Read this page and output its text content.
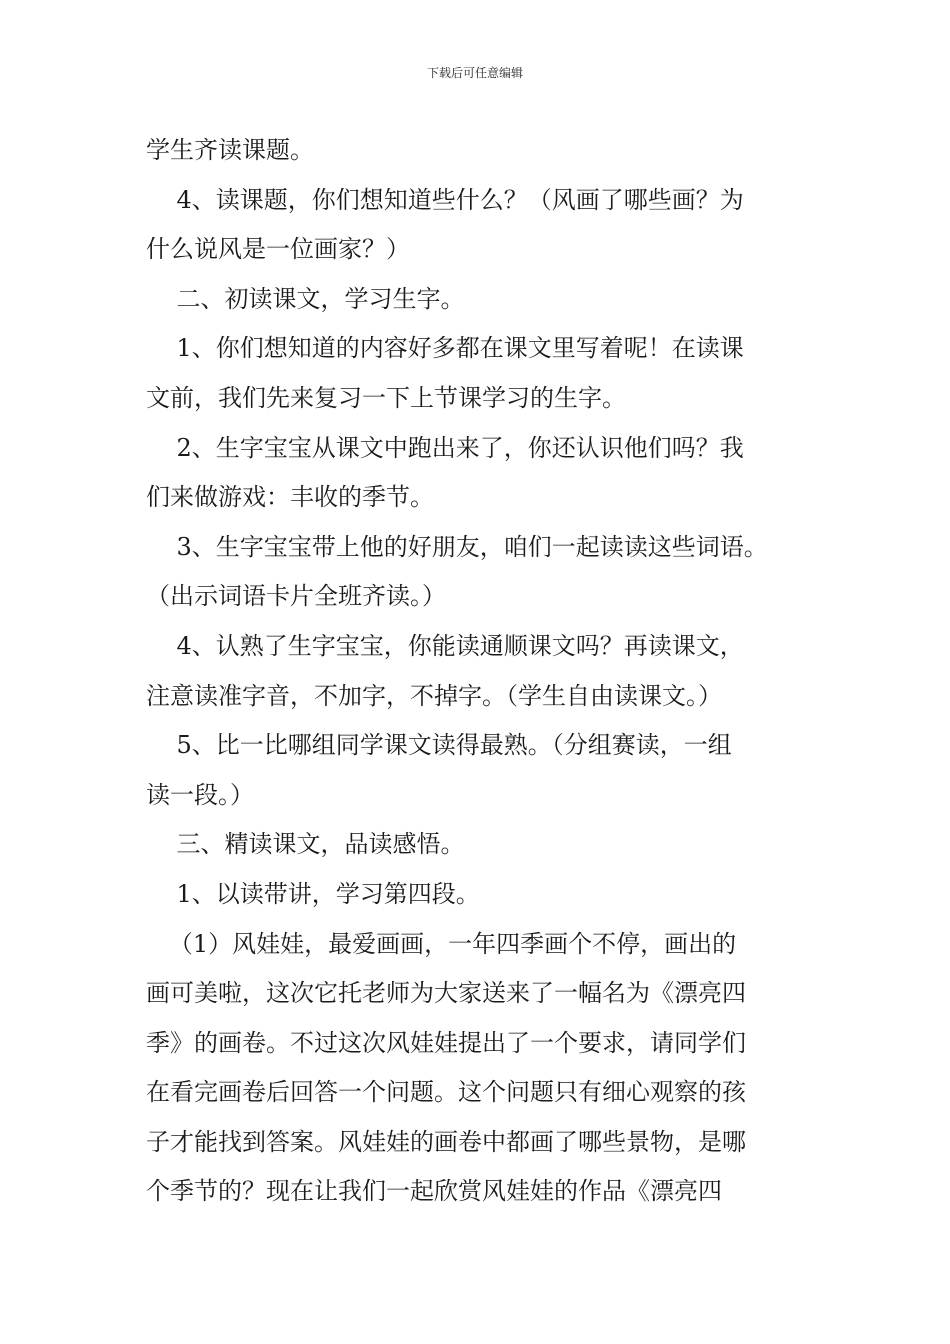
下载后可任意编辑

学生齐读课题。

4、读课题，你们想知道些什么？（风画了哪些画？为

什么说风是一位画家？）

二、初读课文，学习生字。

1、你们想知道的内容好多都在课文里写着呢！在读课

文前，我们先来复习一下上节课学习的生字。

2、生字宝宝从课文中跑出来了，你还认识他们吗？我

们来做游戏：丰收的季节。

3、生字宝宝带上他的好朋友，咱们一起读读这些词语。

（出示词语卡片全班齐读。）

4、认熟了生字宝宝，你能读通顺课文吗？再读课文，

注意读准字音，不加字，不掉字。（学生自由读课文。）

5、比一比哪组同学课文读得最熟。（分组赛读，一组

读一段。）

三、精读课文，品读感悟。

1、以读带讲，学习第四段。

（1）风娃娃，最爱画画，一年四季画个不停，画出的

画可美啦，这次它托老师为大家送来了一幅名为《漂亮四

季》的画卷。不过这次风娃娃提出了一个要求，请同学们

在看完画卷后回答一个问题。这个问题只有细心观察的孩

子才能找到答案。风娃娃的画卷中都画了哪些景物，是哪

个季节的？现在让我们一起欣赏风娃娃的作品《漂亮四
